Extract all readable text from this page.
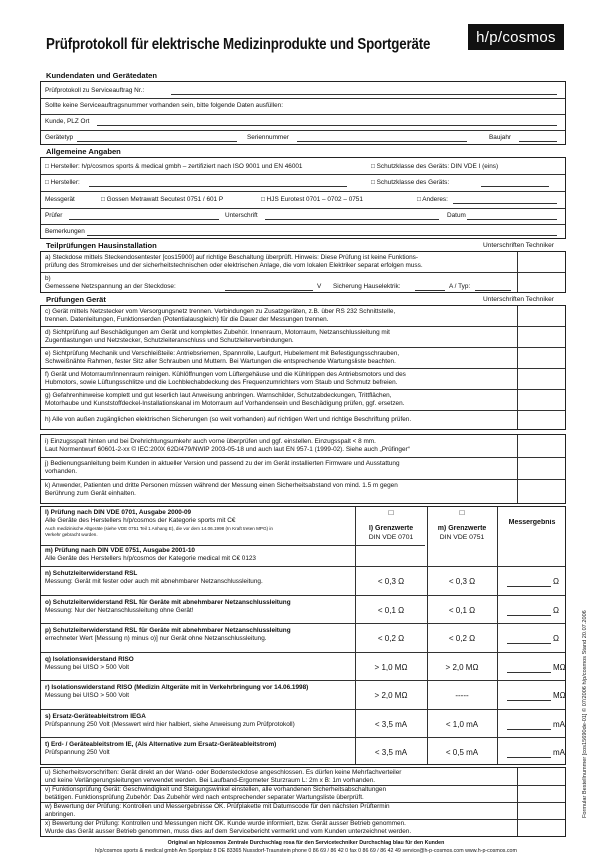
Prüfprotokoll für elektrische Medizinprodukte und Sportgeräte	h/p/cosmos
Kundendaten und Gerätedaten
Prüfprotokoll zu Serviceauftrag Nr.:
Sollte keine Serviceauftragsnummer vorhanden sein, bitte folgende Daten ausfüllen:
Kunde, PLZ Ort
Gerätetyp	Seriennummer	Baujahr
Allgemeine Angaben
□ Hersteller: h/p/cosmos sports & medical gmbh – zertifiziert nach ISO 9001 und EN 46001	□ Schutzklasse des Geräts: DIN VDE I (eins)
□ Hersteller:	□ Schutzklasse des Geräts:
Messgerät	□ Gossen Metrawatt Secutest 0751 / 601 P	□ HJS Eurotest 0701 – 0702 – 0751	□ Anderes:
Prüfer	Unterschrift	Datum
Bemerkungen
Teilprüfungen Hausinstallation	Unterschriften Techniker
a) Steckdose mittels Steckendosentester [cos15900] auf richtige Beschaltung überprüft. Hinweis: Diese Prüfung ist keine Funktions-
prüfung des Stromkreises und der sicherheitstechnischen oder elektrischen Anlage, die vom lokalen Elektriker separat erfolgen muss.
b)
Gemessene Netzspannung an der Steckdose:	V Sicherung Hauselektrik:	A / Typ:
Prüfungen Gerät	Unterschriften Techniker
c) Gerät mittels Netzstecker vom Versorgungsnetz trennen. Verbindungen zu Zusatzgeräten, z.B. über RS 232 Schnittstelle,
trennen. Datenleitungen, Funktionserden (Potentialausgleich) für die Dauer der Messungen trennen.
d) Sichtprüfung auf Beschädigungen am Gerät und komplettes Zubehör. Innenraum, Motorraum, Netzanschlussleitung mit
Zugentlastungen und Netzstecker, Schutzleiteranschluss und Schutzleiterverbindungen.
e) Sichtprüfung Mechanik und Verschleißteile: Antriebsriemen, Spannrolle, Laufgurt, Hubelement mit Befestigungsschrauben,
Schweißnähte Rahmen, fester Sitz aller Schrauben und Muttern. Bei Wartungen die entsprechende Wartungsliste beachten.
f) Gerät und Motorraum/Innenraum reinigen. Kühlöffnungen vom Lüftergehäuse und die Kühlrippen des Antriebsmotors und des
Hubmotors, sowie Lüftungsschlitze und die Lochblechabdeckung des Frequenzumrichters vom Staub und Schmutz befreien.
g) Gefahrenhinweise komplett und gut leserlich laut Anweisung anbringen. Warnschilder, Schutzabdeckungen, Trittflächen,
Motorhaube und Kunststoffdeckel-Installationskanal im Motorraum auf Vorhandensein und Beschädigung prüfen, ggf. ersetzen.
h) Alle von außen zugänglichen elektrischen Sicherungen (so weit vorhanden) auf richtigen Wert und richtige Beschriftung prüfen.
i) Einzugsspalt hinten und bei Drehrichtungsumkehr auch vorne überprüfen und ggf. einstellen. Einzugsspalt < 8 mm.
Laut Normentwurf 60601-2-xx © IEC:200X 62D/479/NWIP 2003-05-18 und auch laut EN 957-1 (1999-02). Siehe auch „Prüfinger“
j) Bedienungsanleitung beim Kunden in aktueller Version und passend zu der im Gerät installierten Firmware und Ausstattung
vorhanden.
k) Anwender, Patienten und dritte Personen müssen während der Messung einen Sicherheitsabstand von mind. 1.5 m gegen
Berührung zum Gerät einhalten.
l) Prüfung nach DIN VDE 0701, Ausgabe 2000-09
Alle Geräte des Herstellers h/p/cosmos der Kategorie sports mit C€
Auch medizinische Altgeräte (siehe VDE 0751 Teil 1 Anhang E), die vor dem 14.06.1998 (In Kraft treten MPG) in
Verkehr gebracht wurden.
m) Prüfung nach DIN VDE 0751, Ausgabe 2001-10
Alle Geräte des Herstellers h/p/cosmos der Kategorie medical mit C€ 0123
□
l) Grenzwerte
DIN VDE 0701
□
m) Grenzwerte
DIN VDE 0751
Messergebnis
n) Schutzleiterwiderstand RSL
Messung: Gerät mit fester oder auch mit abnehmbarer Netzanschlussleitung.	< 0,3 Ω	< 0,3 Ω	Ω
o) Schutzleiterwiderstand RSL für Geräte mit abnehmbarer Netzanschlussleitung
Messung: Nur der Netzanschlussleitung ohne Gerät!	< 0,1 Ω	< 0,1 Ω	Ω
p) Schutzleiterwiderstand RSL für Geräte mit abnehmbarer Netzanschlussleitung
errechneter Wert [Messung n) minus o)] nur Gerät ohne Netzanschlussleitung.	< 0,2 Ω	< 0,2 Ω	Ω
q) Isolationswiderstand RISO
Messung bei UISO > 500 Volt	> 1,0 MΩ	> 2,0 MΩ	MΩ
r) Isolationswiderstand RISO (Medizin Altgeräte mit in Verkehrbringung vor 14.06.1998)
Messung bei UISO > 500 Volt	> 2,0 MΩ	-----	MΩ
s) Ersatz-Geräteableitstrom IEGA
Prüfspannung 250 Volt (Messwert wird hier halbiert, siehe Anweisung zum Prüfprotokoll)	< 3,5 mA	< 1,0 mA	mA
t) Erd- / Geräteableitstrom IE, (Als Alternative zum Ersatz-Geräteableitstrom)
Prüfspannung 250 Volt	< 3,5 mA	< 0,5 mA	mA
u) Sicherheitsvorschriften: Gerät direkt an der Wand- oder Bodensteckdose angeschlossen. Es dürfen keine Mehrfachverteiler
und keine Verlängerungsleitungen verwendet werden. Bei Laufband-Ergometer Sturzraum L: 2m x B: 1m vorhanden.
v) Funktionsprüfung Gerät: Geschwindigkeit und Steigungswinkel einstellen, alle vorhandenen Sicherheitsabschaltungen
betätigen. Funktionsprüfung Zubehör: Das Zubehör wird nach entsprechender separater Wartungsliste überprüft.
w) Bewertung der Prüfung: Kontrollen und Messergebnisse OK. Prüfplakette mit Datumscode für den nächsten Prüftermin
anbringen.
x) Bewertung der Prüfung: Kontrollen und Messungen nicht OK. Kunde wurde informiert, bzw. Gerät ausser Betrieb genommen.
Wurde das Gerät ausser Betrieb genommen, muss dies auf dem Servicebericht vermerkt und vom Kunden unterzeichnet werden.
Original an h/p/cosmos Zentrale Durchschlag rosa für den Servicetechniker Durchschlag blau für den Kunden
h/p/cosmos sports & medical gmbh Am Sportplatz 8 DE 83365 Nussdorf-Traunstein phone 0 86 69 / 86 42 0 fax 0 86 69 / 86 42 49 service@h-p-cosmos.com www.h-p-cosmos.com
Formular Bestellnummer [cos15690de-01] © 07/2006 h/p/cosmos Stand 20.07.2006
